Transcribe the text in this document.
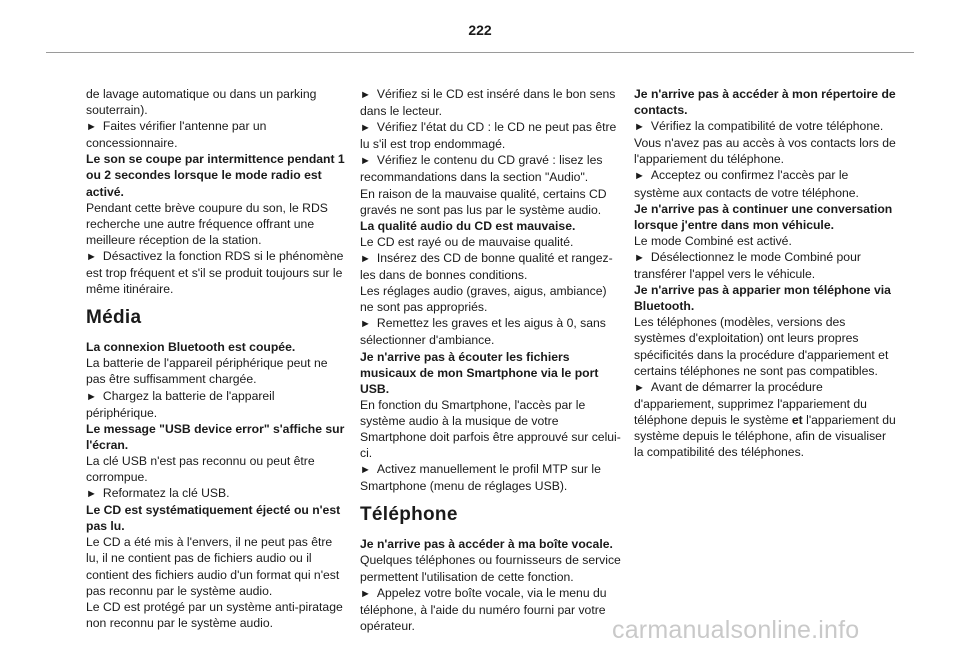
222

de lavage automatique ou dans un parking souterrain).

► Faites vérifier l'antenne par un concessionnaire.

Le son se coupe par intermittence pendant 1 ou 2 secondes lorsque le mode radio est activé.

Pendant cette brève coupure du son, le RDS recherche une autre fréquence offrant une meilleure réception de la station.

► Désactivez la fonction RDS si le phénomène est trop fréquent et s'il se produit toujours sur le même itinéraire.

Média

La connexion Bluetooth est coupée.

La batterie de l'appareil périphérique peut ne pas être suffisamment chargée.

► Chargez la batterie de l'appareil périphérique.

Le message "USB device error" s'affiche sur l'écran.

La clé USB n'est pas reconnu ou peut être corrompue.

► Reformatez la clé USB.

Le CD est systématiquement éjecté ou n'est pas lu.

Le CD a été mis à l'envers, il ne peut pas être lu, il ne contient pas de fichiers audio ou il contient des fichiers audio d'un format qui n'est pas reconnu par le système audio.

Le CD est protégé par un système anti-piratage non reconnu par le système audio.

► Vérifiez si le CD est inséré dans le bon sens dans le lecteur.

► Vérifiez l'état du CD : le CD ne peut pas être lu s'il est trop endommagé.

► Vérifiez le contenu du CD gravé : lisez les recommandations dans la section "Audio".

En raison de la mauvaise qualité, certains CD gravés ne sont pas lus par le système audio.

La qualité audio du CD est mauvaise.

Le CD est rayé ou de mauvaise qualité.

► Insérez des CD de bonne qualité et rangez-les dans de bonnes conditions.

Les réglages audio (graves, aigus, ambiance) ne sont pas appropriés.

► Remettez les graves et les aigus à 0, sans sélectionner d'ambiance.

Je n'arrive pas à écouter les fichiers musicaux de mon Smartphone via le port USB.

En fonction du Smartphone, l'accès par le système audio à la musique de votre Smartphone doit parfois être approuvé sur celui-ci.

► Activez manuellement le profil MTP sur le Smartphone (menu de réglages USB).

Téléphone

Je n'arrive pas à accéder à ma boîte vocale.

Quelques téléphones ou fournisseurs de service permettent l'utilisation de cette fonction.

► Appelez votre boîte vocale, via le menu du téléphone, à l'aide du numéro fourni par votre opérateur.

Je n'arrive pas à accéder à mon répertoire de contacts.

► Vérifiez la compatibilité de votre téléphone.

Vous n'avez pas au accès à vos contacts lors de l'appariement du téléphone.

► Acceptez ou confirmez l'accès par le système aux contacts de votre téléphone.

Je n'arrive pas à continuer une conversation lorsque j'entre dans mon véhicule.

Le mode Combiné est activé.

► Désélectionnez le mode Combiné pour transférer l'appel vers le véhicule.

Je n'arrive pas à apparier mon téléphone via Bluetooth.

Les téléphones (modèles, versions des systèmes d'exploitation) ont leurs propres spécificités dans la procédure d'appariement et certains téléphones ne sont pas compatibles.

► Avant de démarrer la procédure d'appariement, supprimez l'appariement du téléphone depuis le système et l'appariement du système depuis le téléphone, afin de visualiser la compatibilité des téléphones.

carmanualsonline.info
